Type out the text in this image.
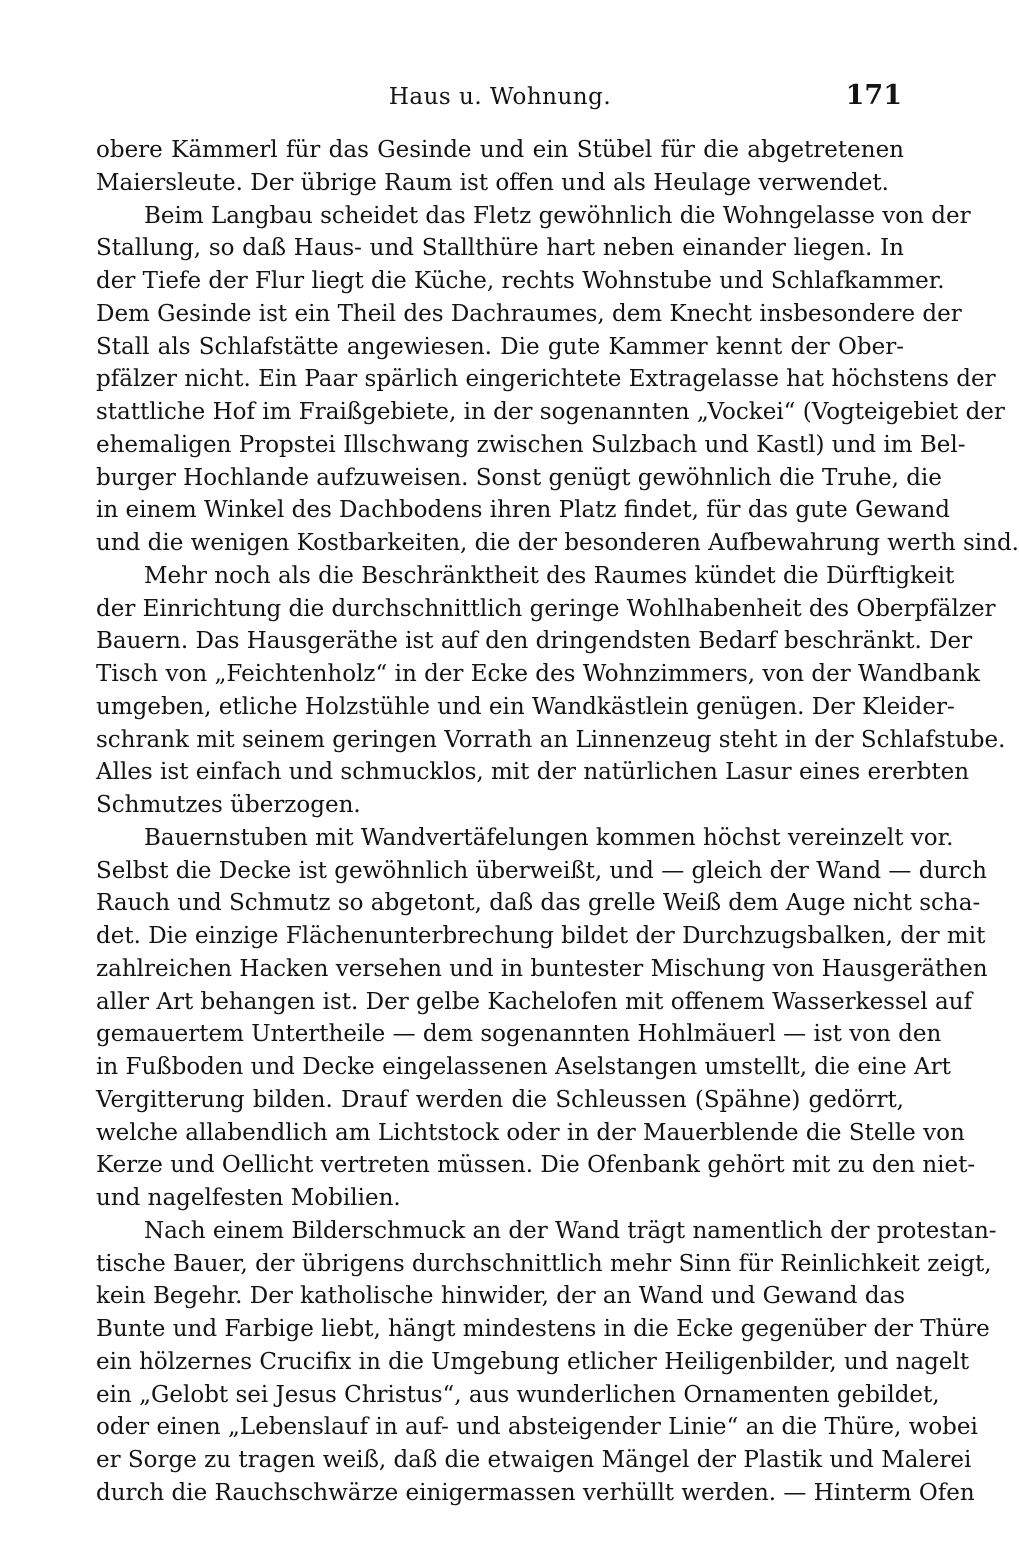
Haus u. Wohnung.	171
obere Kämmerl für das Gesinde und ein Stübel für die abgetretenen
Maiersleute. Der übrige Raum ist offen und als Heulage verwendet.
Beim Langbau scheidet das Fletz gewöhnlich die Wohngelasse von der
Stallung, so daß Haus- und Stallthüre hart neben einander liegen. In
der Tiefe der Flur liegt die Küche, rechts Wohnstube und Schlafkammer.
Dem Gesinde ist ein Theil des Dachraumes, dem Knecht insbesondere der
Stall als Schlafstätte angewiesen. Die gute Kammer kennt der Ober-
pfälzer nicht. Ein Paar spärlich eingerichtete Extragelasse hat höchstens der
stattliche Hof im Fraißgebiete, in der sogenannten „Vockei“ (Vogteigebiet der
ehemaligen Propstei Illschwang zwischen Sulzbach und Kastl) und im Bel-
burger Hochlande aufzuweisen. Sonst genügt gewöhnlich die Truhe, die
in einem Winkel des Dachbodens ihren Platz findet, für das gute Gewand
und die wenigen Kostbarkeiten, die der besonderen Aufbewahrung werth sind.
Mehr noch als die Beschränktheit des Raumes kündet die Dürftigkeit
der Einrichtung die durchschnittlich geringe Wohlhabenheit des Oberpfälzer
Bauern. Das Hausgeräthe ist auf den dringendsten Bedarf beschränkt. Der
Tisch von „Feichtenholz“ in der Ecke des Wohnzimmers, von der Wandbank
umgeben, etliche Holzstühle und ein Wandkästlein genügen. Der Kleider-
schrank mit seinem geringen Vorrath an Linnenzeug steht in der Schlafstube.
Alles ist einfach und schmucklos, mit der natürlichen Lasur eines ererbten
Schmutzes überzogen.
Bauernstuben mit Wandvertäfelungen kommen höchst vereinzelt vor.
Selbst die Decke ist gewöhnlich überweißt, und — gleich der Wand — durch
Rauch und Schmutz so abgetont, daß das grelle Weiß dem Auge nicht scha-
det. Die einzige Flächenunterbrechung bildet der Durchzugsbalken, der mit
zahlreichen Hacken versehen und in buntester Mischung von Hausgeräthen
aller Art behangen ist. Der gelbe Kachelofen mit offenem Wasserkessel auf
gemauertem Untertheile — dem sogenannten Hohlmäuerl — ist von den
in Fußboden und Decke eingelassenen Aselstangen umstellt, die eine Art
Vergitterung bilden. Drauf werden die Schleussen (Spähne) gedörrt,
welche allabendlich am Lichtstock oder in der Mauerblende die Stelle von
Kerze und Oellicht vertreten müssen. Die Ofenbank gehört mit zu den niet-
und nagelfesten Mobilien.
Nach einem Bilderschmuck an der Wand trägt namentlich der protestan-
tische Bauer, der übrigens durchschnittlich mehr Sinn für Reinlichkeit zeigt,
kein Begehr. Der katholische hinwider, der an Wand und Gewand das
Bunte und Farbige liebt, hängt mindestens in die Ecke gegenüber der Thüre
ein hölzernes Crucifix in die Umgebung etlicher Heiligenbilder, und nagelt
ein „Gelobt sei Jesus Christus“, aus wunderlichen Ornamenten gebildet,
oder einen „Lebenslauf in auf- und absteigender Linie“ an die Thüre, wobei
er Sorge zu tragen weiß, daß die etwaigen Mängel der Plastik und Malerei
durch die Rauchschwärze einigermassen verhüllt werden. — Hinterm Ofen
